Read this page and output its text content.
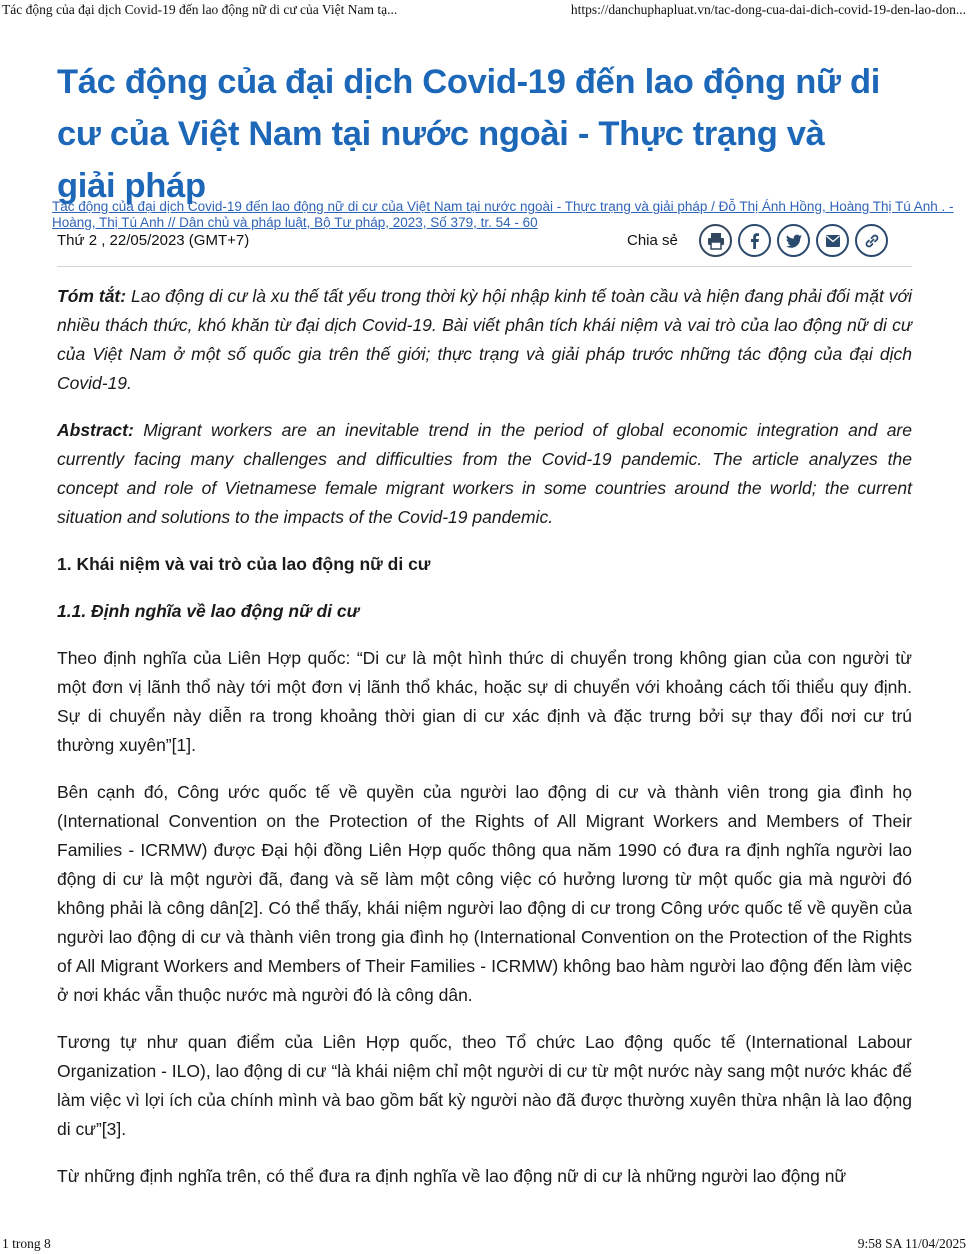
Tác động của đại dịch Covid-19 đến lao động nữ di cư của Việt Nam tạ...	https://danchuphapluat.vn/tac-dong-cua-dai-dich-covid-19-den-lao-don...
Tác động của đại dịch Covid-19 đến lao động nữ di cư của Việt Nam tại nước ngoài - Thực trạng và giải pháp
Tác động của đại dịch Covid-19 đến lao động nữ di cư của Việt Nam tại nước ngoài - Thực trạng và giải pháp / Đỗ Thị Ánh Hồng, Hoàng Thị Tú Anh . - Hoàng, Thị Tú Anh // Dân chủ và pháp luật, Bộ Tư pháp, 2023, Số 379, tr. 54 - 60
Thứ 2 , 22/05/2023 (GMT+7)	Chia sẻ

Tóm tắt: Lao động di cư là xu thế tất yếu trong thời kỳ hội nhập kinh tế toàn cầu và hiện đang phải đối mặt với nhiều thách thức, khó khăn từ đại dịch Covid-19. Bài viết phân tích khái niệm và vai trò của lao động nữ di cư của Việt Nam ở một số quốc gia trên thế giới; thực trạng và giải pháp trước những tác động của đại dịch Covid-19.

Abstract: Migrant workers are an inevitable trend in the period of global economic integration and are currently facing many challenges and difficulties from the Covid-19 pandemic. The article analyzes the concept and role of Vietnamese female migrant workers in some countries around the world; the current situation and solutions to the impacts of the Covid-19 pandemic.

1. Khái niệm và vai trò của lao động nữ di cư

1.1. Định nghĩa về lao động nữ di cư

Theo định nghĩa của Liên Hợp quốc: “Di cư là một hình thức di chuyển trong không gian của con người từ một đơn vị lãnh thổ này tới một đơn vị lãnh thổ khác, hoặc sự di chuyển với khoảng cách tối thiểu quy định. Sự di chuyển này diễn ra trong khoảng thời gian di cư xác định và đặc trưng bởi sự thay đổi nơi cư trú thường xuyên”[1].

Bên cạnh đó, Công ước quốc tế về quyền của người lao động di cư và thành viên trong gia đình họ (International Convention on the Protection of the Rights of All Migrant Workers and Members of Their Families - ICRMW) được Đại hội đồng Liên Hợp quốc thông qua năm 1990 có đưa ra định nghĩa người lao động di cư là một người đã, đang và sẽ làm một công việc có hưởng lương từ một quốc gia mà người đó không phải là công dân[2]. Có thể thấy, khái niệm người lao động di cư trong Công ước quốc tế về quyền của người lao động di cư và thành viên trong gia đình họ (International Convention on the Protection of the Rights of All Migrant Workers and Members of Their Families - ICRMW) không bao hàm người lao động đến làm việc ở nơi khác vẫn thuộc nước mà người đó là công dân.

Tương tự như quan điểm của Liên Hợp quốc, theo Tổ chức Lao động quốc tế (International Labour Organization - ILO), lao động di cư “là khái niệm chỉ một người di cư từ một nước này sang một nước khác để làm việc vì lợi ích của chính mình và bao gồm bất kỳ người nào đã được thường xuyên thừa nhận là lao động di cư”[3].

Từ những định nghĩa trên, có thể đưa ra định nghĩa về lao động nữ di cư là những người lao động nữ

1 trong 8	9:58 SA 11/04/2025
